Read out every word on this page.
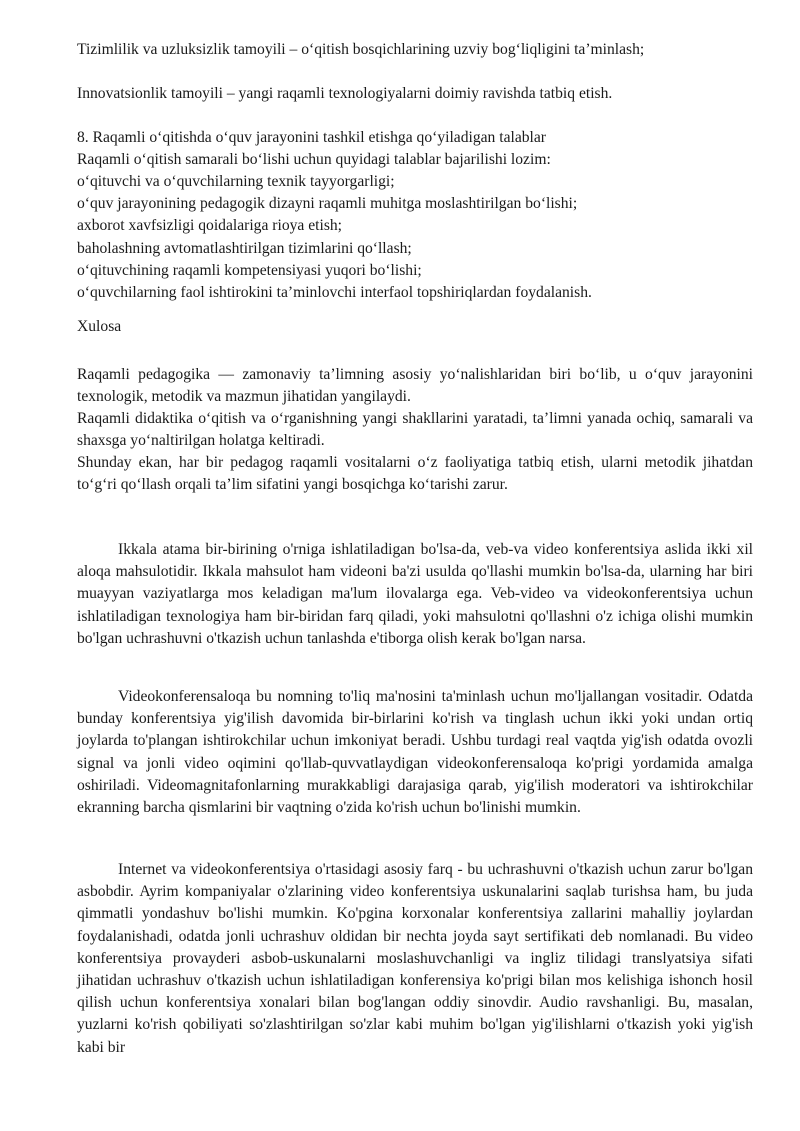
Tizimlilik va uzluksizlik tamoyili – o‘qitish bosqichlarining uzviy bog‘liqligini ta’minlash;

Innovatsionlik tamoyili – yangi raqamli texnologiyalarni doimiy ravishda tatbiq etish.

8. Raqamli o‘qitishda o‘quv jarayonini tashkil etishga qo‘yiladigan talablar

Raqamli o‘qitish samarali bo‘lishi uchun quyidagi talablar bajarilishi lozim:

o‘qituvchi va o‘quvchilarning texnik tayyorgarligi;
o‘quv jarayonining pedagogik dizayni raqamli muhitga moslashtirilgan bo‘lishi;
axborot xavfsizligi qoidalariga rioya etish;
baholashning avtomatlashtirilgan tizimlarini qo‘llash;
o‘qituvchining raqamli kompetensiyasi yuqori bo‘lishi;
o‘quvchilarning faol ishtirokini ta’minlovchi interfaol topshiriqlardan foydalanish.

Xulosa

Raqamli pedagogika — zamonaviy ta’limning asosiy yo‘nalishlaridan biri bo‘lib, u o‘quv jarayonini texnologik, metodik va mazmun jihatidan yangilaydi.

Raqamli didaktika o‘qitish va o‘rganishning yangi shakllarini yaratadi, ta’limni yanada ochiq, samarali va shaxsga yo‘naltirilgan holatga keltiradi.

Shunday ekan, har bir pedagog raqamli vositalarni o‘z faoliyatiga tatbiq etish, ularni metodik jihatdan to‘g‘ri qo‘llash orqali ta’lim sifatini yangi bosqichga ko‘tarishi zarur.

Ikkala atama bir-birining o'rniga ishlatiladigan bo'lsa-da, veb-va video konferentsiya aslida ikki xil aloqa mahsulotidir. Ikkala mahsulot ham videoni ba'zi usulda qo'llashi mumkin bo'lsa-da, ularning har biri muayyan vaziyatlarga mos keladigan ma'lum ilovalarga ega. Veb-video va videokonferentsiya uchun ishlatiladigan texnologiya ham bir-biridan farq qiladi, yoki mahsulotni qo'llashni o'z ichiga olishi mumkin bo'lgan uchrashuvni o'tkazish uchun tanlashda e'tiborga olish kerak bo'lgan narsa.

Videokonferensaloqa bu nomning to'liq ma'nosini ta'minlash uchun mo'ljallangan vositadir. Odatda bunday konferentsiya yig'ilish davomida bir-birlarini ko'rish va tinglash uchun ikki yoki undan ortiq joylarda to'plangan ishtirokchilar uchun imkoniyat beradi. Ushbu turdagi real vaqtda yig'ish odatda ovozli signal va jonli video oqimini qo'llab-quvvatlaydigan videokonferensaloqa ko'prigi yordamida amalga oshiriladi. Videomagnitafonlarning murakkabligi darajasiga qarab, yig'ilish moderatori va ishtirokchilar ekranning barcha qismlarini bir vaqtning o'zida ko'rish uchun bo'linishi mumkin.

Internet va videokonferentsiya o'rtasidagi asosiy farq - bu uchrashuvni o'tkazish uchun zarur bo'lgan asbobdir. Ayrim kompaniyalar o'zlarining video konferentsiya uskunalarini saqlab turishsa ham, bu juda qimmatli yondashuv bo'lishi mumkin. Ko'pgina korxonalar konferentsiya zallarini mahalliy joylardan foydalanishadi, odatda jonli uchrashuv oldidan bir nechta joyda sayt sertifikati deb nomlanadi. Bu video konferentsiya provayderi asbob-uskunalarni moslashuvchanligi va ingliz tilidagi translyatsiya sifati jihatidan uchrashuv o'tkazish uchun ishlatiladigan konferensiya ko'prigi bilan mos kelishiga ishonch hosil qilish uchun konferentsiya xonalari bilan bog'langan oddiy sinovdir. Audio ravshanligi. Bu, masalan, yuzlarni ko'rish qobiliyati so'zlashtirilgan so'zlar kabi muhim bo'lgan yig'ilishlarni o'tkazish yoki yig'ish kabi bir
